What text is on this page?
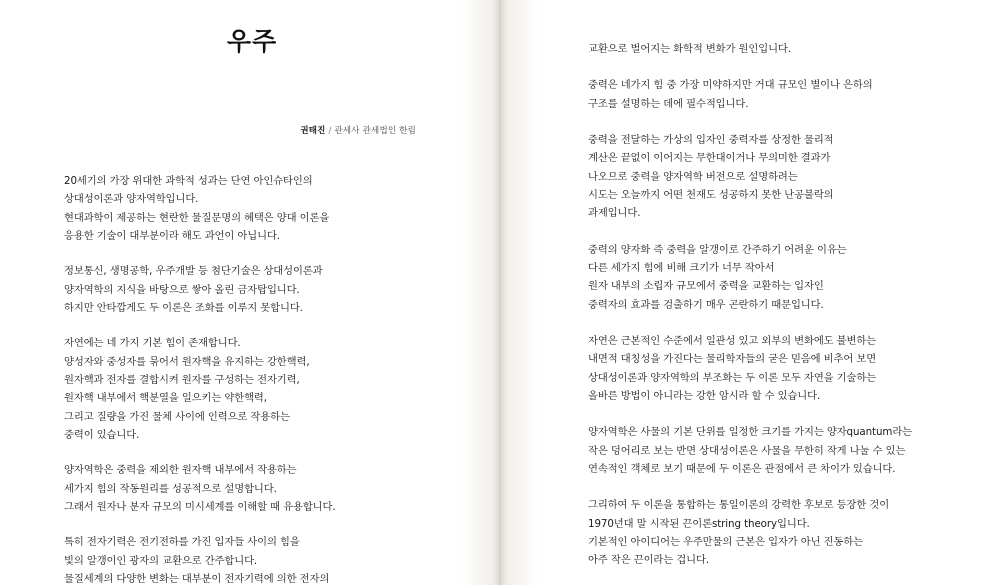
우주
권태진 / 관세사 관세법인 한림

20세기의 가장 위대한 과학적 성과는 단연 아인슈타인의
상대성이론과 양자역학입니다.
현대과학이 제공하는 현란한 물질문명의 혜택은 양대 이론을
응용한 기술이 대부분이라 해도 과언이 아닙니다.

정보통신, 생명공학, 우주개발 등 첨단기술은 상대성이론과
양자역학의 지식을 바탕으로 쌓아 올린 금자탑입니다.
하지만 안타깝게도 두 이론은 조화를 이루지 못합니다.

자연에는 네 가지 기본 힘이 존재합니다.
양성자와 중성자를 묶어서 원자핵을 유지하는 강한핵력,
원자핵과 전자를 결합시켜 원자를 구성하는 전자기력,
원자핵 내부에서 핵분열을 일으키는 약한핵력,
그리고 질량을 가진 물체 사이에 인력으로 작용하는
중력이 있습니다.

양자역학은 중력을 제외한 원자핵 내부에서 작용하는
세가지 힘의 작동원리를 성공적으로 설명합니다.
그래서 원자나 분자 규모의 미시세계를 이해할 때 유용합니다.

특히 전자기력은 전기전하를 가진 입자들 사이의 힘을
빛의 알갱이인 광자의 교환으로 간주합니다.
물질세계의 다양한 변화는 대부분이 전자기력에 의한 전자의

교환으로 벌어지는 화학적 변화가 원인입니다.

중력은 네가지 힘 중 가장 미약하지만 거대 규모인 별이나 은하의
구조를 설명하는 데에 필수적입니다.

중력을 전달하는 가상의 입자인 중력자를 상정한 물리적
계산은 끝없이 이어지는 무한대이거나 무의미한 결과가
나오므로 중력을 양자역학 버전으로 설명하려는
시도는 오늘까지 어떤 천재도 성공하지 못한 난공불락의
과제입니다.

중력의 양자화 즉 중력을 알갱이로 간주하기 어려운 이유는
다른 세가지 힘에 비해 크기가 너무 작아서
원자 내부의 소립자 규모에서 중력을 교환하는 입자인
중력자의 효과를 검출하기 매우 곤란하기 때문입니다.

자연은 근본적인 수준에서 일관성 있고 외부의 변화에도 불변하는
내면적 대칭성을 가진다는 물리학자들의 굳은 믿음에 비추어 보면
상대성이론과 양자역학의 부조화는 두 이론 모두 자연을 기술하는
올바른 방법이 아니라는 강한 암시라 할 수 있습니다.

양자역학은 사물의 기본 단위를 일정한 크기를 가지는 양자quantum라는
작은 덩어리로 보는 반면 상대성이론은 사물을 무한히 작게 나눌 수 있는
연속적인 객체로 보기 때문에 두 이론은 관점에서 큰 차이가 있습니다.

그리하여 두 이론을 통합하는 통일이론의 강력한 후보로 등장한 것이
1970년대 말 시작된 끈이론string theory입니다.
기본적인 아이디어는 우주만물의 근본은 입자가 아닌 진동하는
아주 작은 끈이라는 겁니다.
